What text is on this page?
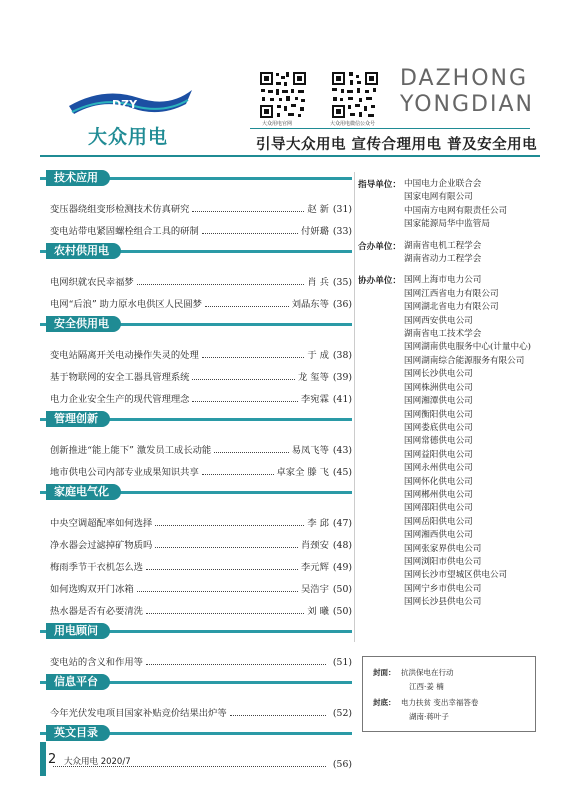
DZY
大众用电
大众用电官网	大众用电微信公众号
DAZHONG
YONGDIAN
引导大众用电 宣传合理用电 普及安全用电
技术应用
变压器绕组变形检测技术仿真研究	赵 新 (31)
变电站带电紧固螺栓组合工具的研制	付妍璐 (33)
农村供用电
电网织就农民幸福梦	肖 兵 (35)
电网“后浪” 助力原水电供区人民圆梦	刘晶东等 (36)
安全供用电
变电站隔离开关电动操作失灵的处理	于 成 (38)
基于物联网的安全工器具管理系统	龙 玺等 (39)
电力企业安全生产的现代管理理念	李宛霖 (41)
管理创新
创新推进“能上能下” 激发员工成长动能	易凤飞等 (43)
地市供电公司内部专业成果知识共享	卓家全 滕 飞 (45)
家庭电气化
中央空调超配率如何选择	李 邱 (47)
净水器会过滤掉矿物质吗	肖颈安 (48)
梅雨季节干衣机怎么选	李元辉 (49)
如何选购双开门冰箱	吴浩宇 (50)
热水器是否有必要清洗	刘 曦 (50)
用电顾问
变电站的含义和作用等	(51)
信息平台
今年光伏发电项目国家补贴竞价结果出炉等	(52)
英文目录
(56)
指导单位： 中国电力企业联合会
国家电网有限公司
中国南方电网有限责任公司
国家能源局华中监管局
合办单位： 湖南省电机工程学会
湖南省动力工程学会
协办单位： 国网上海市电力公司
国网江西省电力有限公司
国网湖北省电力有限公司
国网西安供电公司
湖南省电工技术学会
国网湖南供电服务中心(计量中心)
国网湖南综合能源服务有限公司
国网长沙供电公司
国网株洲供电公司
国网湘潭供电公司
国网衡阳供电公司
国网娄底供电公司
国网常德供电公司
国网益阳供电公司
国网永州供电公司
国网怀化供电公司
国网郴州供电公司
国网邵阳供电公司
国网岳阳供电公司
国网湘西供电公司
国网张家界供电公司
国网浏阳市供电公司
国网长沙市望城区供电公司
国网宁乡市供电公司
国网长沙县供电公司
封面： 抗洪保电在行动
江西·姜 楠
封底： 电力扶贫 变出幸福答卷
湖南·蒋叶子
2 大众用电 2020/7
